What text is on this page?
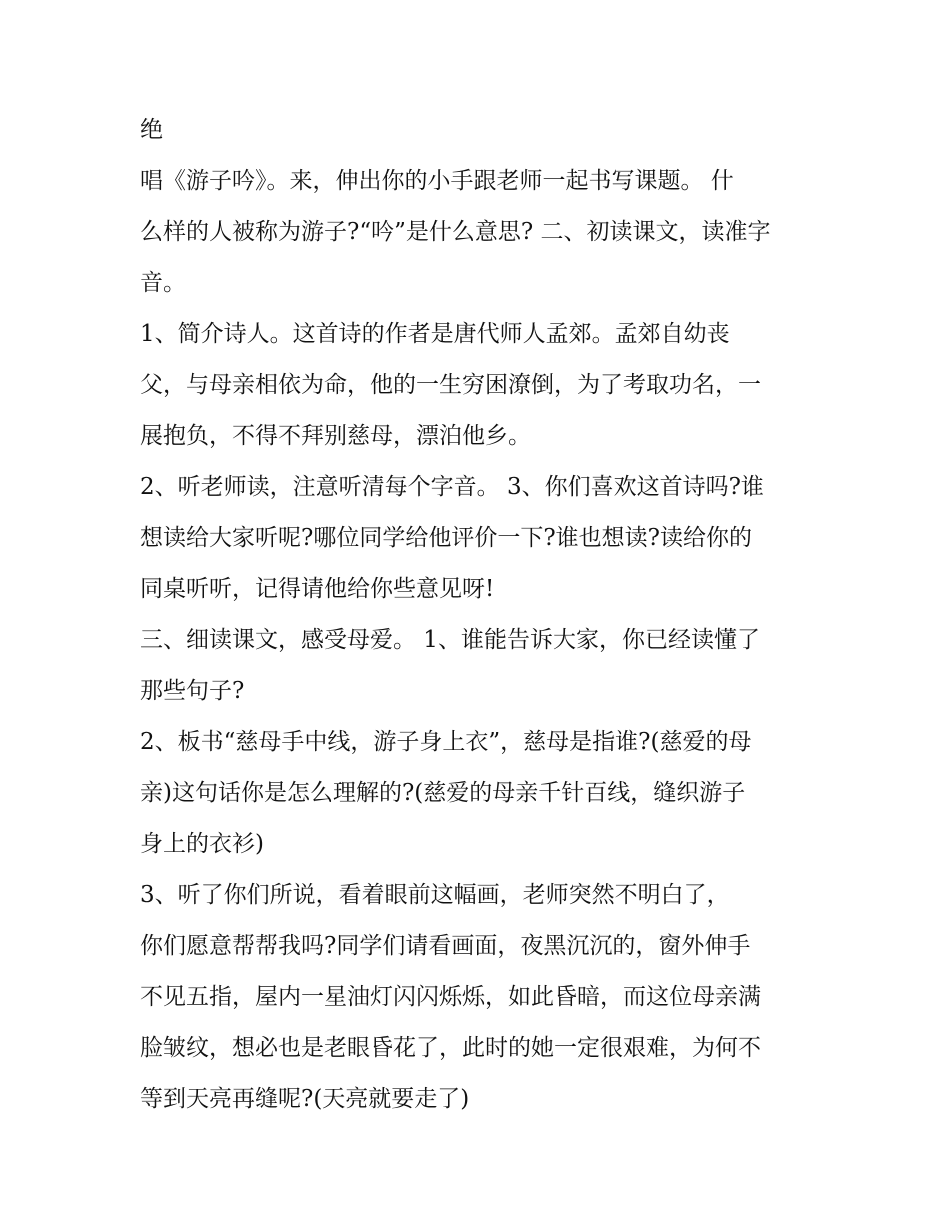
绝
唱《游子吟》。来，伸出你的小手跟老师一起书写课题。 什
么样的人被称为游子?“吟”是什么意思? 二、初读课文，读准字
音。
1、简介诗人。这首诗的作者是唐代师人孟郊。孟郊自幼丧
父，与母亲相依为命，他的一生穷困潦倒，为了考取功名，一
展抱负，不得不拜别慈母，漂泊他乡。
2、听老师读，注意听清每个字音。 3、你们喜欢这首诗吗?谁
想读给大家听呢?哪位同学给他评价一下?谁也想读?读给你的
同桌听听，记得请他给你些意见呀!
三、细读课文，感受母爱。 1、谁能告诉大家，你已经读懂了
那些句子?
2、板书“慈母手中线，游子身上衣”，慈母是指谁?(慈爱的母
亲)这句话你是怎么理解的?(慈爱的母亲千针百线，缝织游子
身上的衣衫)
3、听了你们所说，看着眼前这幅画，老师突然不明白了，
你们愿意帮帮我吗?同学们请看画面，夜黑沉沉的，窗外伸手
不见五指，屋内一星油灯闪闪烁烁，如此昏暗，而这位母亲满
脸皱纹，想必也是老眼昏花了，此时的她一定很艰难，为何不
等到天亮再缝呢?(天亮就要走了)
